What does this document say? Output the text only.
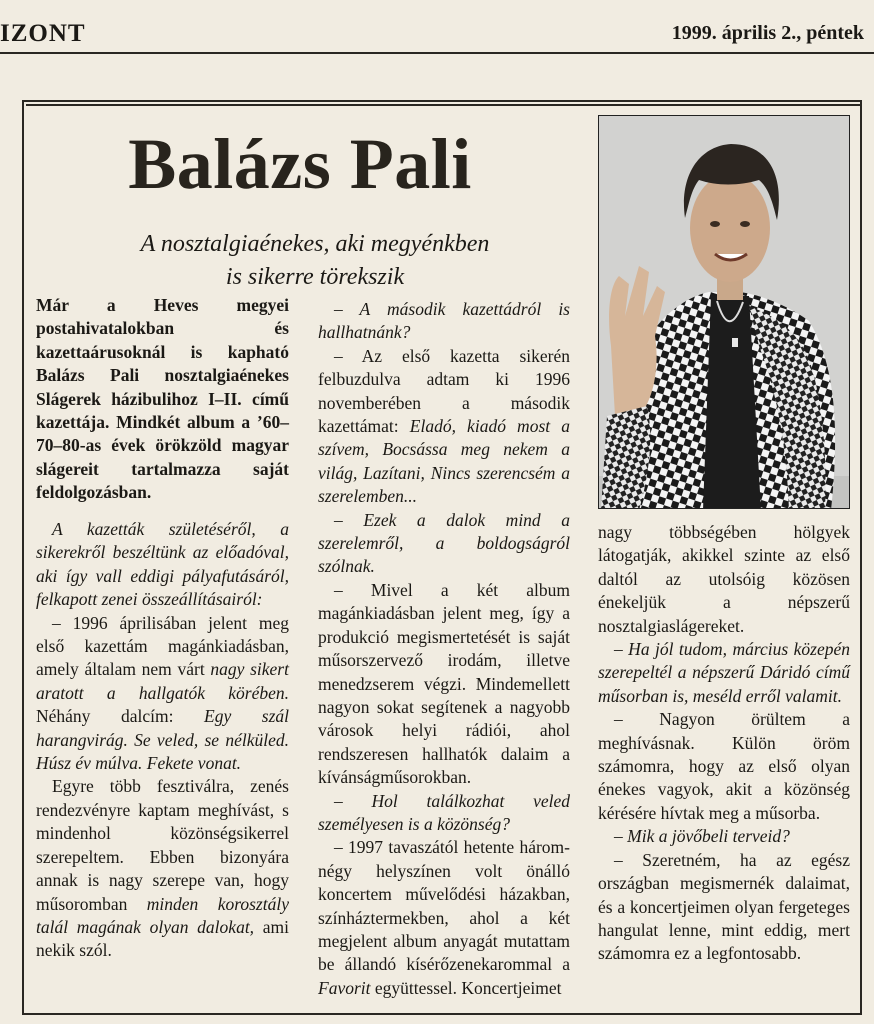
IZONT	1999. április 2., péntek
Balázs Pali
A nosztalgiaénekes, aki megyénkben
is sikerre törekszik
Már a Heves megyei postahivatalokban és kazettaárusoknál is kapható Balázs Pali nosztalgiaénekes Slágerek házibulihoz I–II. című kazettája. Mindkét album a ’60–70–80-as évek örökzöld magyar slágereit tartalmazza saját feldolgozásban.

A kazetták születéséről, a sikerekről beszéltünk az előadóval, aki így vall eddigi pályafutásáról, felkapott zenei összeállításairól:

– 1996 áprilisában jelent meg első kazettám magánkiadásban, amely általam nem várt nagy sikert aratott a hallgatók körében. Néhány dalcím: Egy szál harangvirág. Se veled, se nélküled. Húsz év múlva. Fekete vonat.

Egyre több fesztiválra, zenés rendezvényre kaptam meghívást, s mindenhol közönségsikerrel szerepeltem. Ebben bizonyára annak is nagy szerepe van, hogy műsoromban minden korosztály talál magának olyan dalokat, ami nekik szól.

– A második kazettádról is hallhatnánk?

– Az első kazetta sikerén felbuzdulva adtam ki 1996 novemberében a második kazettámat: Eladó, kiadó most a szívem, Bocsássa meg nekem a világ, Lazítani, Nincs szerencsém a szerelemben...

– Ezek a dalok mind a szerelemről, a boldogságról szólnak.

– Mivel a két album magánkiadásban jelent meg, így a produkció megismertetését is saját műsorszervező irodám, illetve menedzserem végzi. Mindemellett nagyon sokat segítenek a nagyobb városok helyi rádiói, ahol rendszeresen hallhatók dalaim a kívánságműsorokban.

– Hol találkozhat veled személyesen is a közönség?

– 1997 tavaszától hetente három-négy helyszínen volt önálló koncertem művelődési házakban, színháztermekben, ahol a két megjelent album anyagát mutattam be állandó kísérőzenekarommal a Favorit együttessel. Koncertjeimet

nagy többségében hölgyek látogatják, akikkel szinte az első daltól az utolsóig közösen énekeljük a népszerű nosztalgiaslágereket.

– Ha jól tudom, március közepén szerepeltél a népszerű Dáridó című műsorban is, meséld erről valamit.

– Nagyon örültem a meghívásnak. Külön öröm számomra, hogy az első olyan énekes vagyok, akit a közönség kérésére hívtak meg a műsorba.

– Mik a jövőbeli terveid?

– Szeretném, ha az egész országban megismernék dalaimat, és a koncertjeimen olyan fergeteges hangulat lenne, mint eddig, mert számomra ez a legfontosabb.
